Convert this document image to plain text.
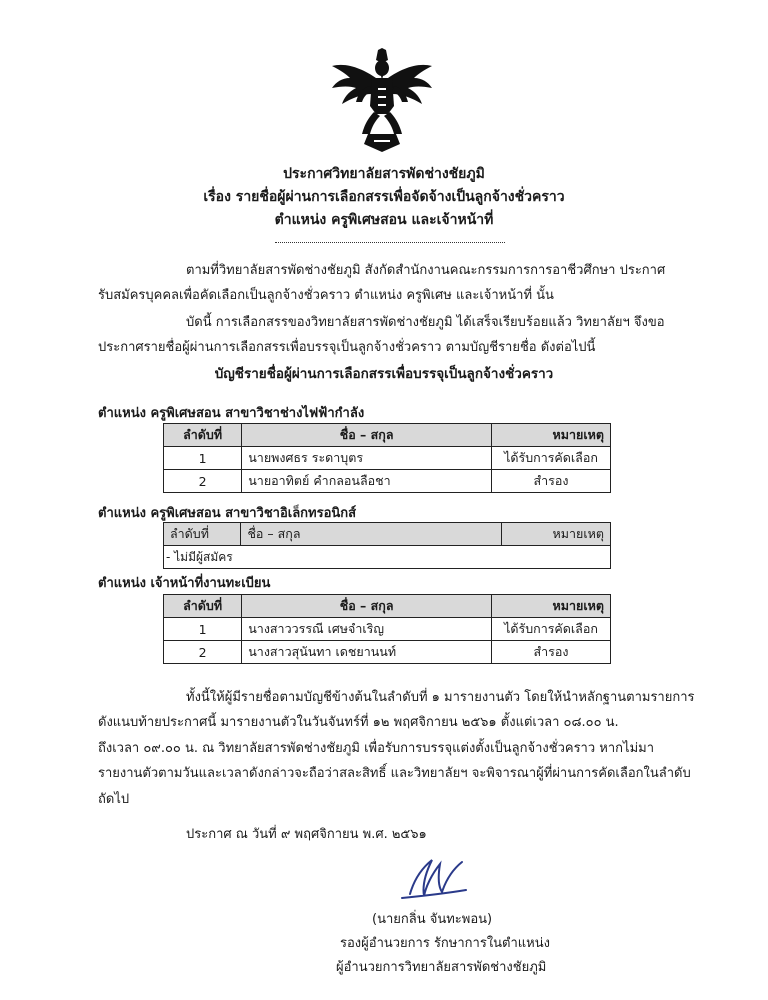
ประกาศวิทยาลัยสารพัดช่างชัยภูมิ
เรื่อง รายชื่อผู้ผ่านการเลือกสรรเพื่อจัดจ้างเป็นลูกจ้างชั่วคราว
ตำแหน่ง ครูพิเศษสอน และเจ้าหน้าที่
ตามที่วิทยาลัยสารพัดช่างชัยภูมิ สังกัดสำนักงานคณะกรรมการการอาชีวศึกษา ประกาศ
รับสมัครบุคคลเพื่อคัดเลือกเป็นลูกจ้างชั่วคราว ตำแหน่ง ครูพิเศษ และเจ้าหน้าที่ นั้น
บัดนี้ การเลือกสรรของวิทยาลัยสารพัดช่างชัยภูมิ ได้เสร็จเรียบร้อยแล้ว วิทยาลัยฯ จึงขอ
ประกาศรายชื่อผู้ผ่านการเลือกสรรเพื่อบรรจุเป็นลูกจ้างชั่วคราว ตามบัญชีรายชื่อ ดังต่อไปนี้
บัญชีรายชื่อผู้ผ่านการเลือกสรรเพื่อบรรจุเป็นลูกจ้างชั่วคราว
ตำแหน่ง ครูพิเศษสอน สาขาวิชาช่างไฟฟ้ากำลัง
ลำดับที่	ชื่อ – สกุล	หมายเหตุ
1	นายพงศธร ระดาบุตร	ได้รับการคัดเลือก
2	นายอาทิตย์ คำกลอนลือชา	สำรอง
ตำแหน่ง ครูพิเศษสอน สาขาวิชาอิเล็กทรอนิกส์
ลำดับที่	ชื่อ – สกุล	หมายเหตุ
- ไม่มีผู้สมัคร
ตำแหน่ง เจ้าหน้าที่งานทะเบียน
ลำดับที่	ชื่อ – สกุล	หมายเหตุ
1	นางสาววรรณี เศษจำเริญ	ได้รับการคัดเลือก
2	นางสาวสุนันทา เดชยานนท์	สำรอง
ทั้งนี้ให้ผู้มีรายชื่อตามบัญชีข้างต้นในลำดับที่ ๑ มารายงานตัว โดยให้นำหลักฐานตามรายการ
ดังแนบท้ายประกาศนี้ มารายงานตัวในวันจันทร์ที่ ๑๒ พฤศจิกายน ๒๕๖๑ ตั้งแต่เวลา ๐๘.๐๐ น.
ถึงเวลา ๐๙.๐๐ น. ณ วิทยาลัยสารพัดช่างชัยภูมิ เพื่อรับการบรรจุแต่งตั้งเป็นลูกจ้างชั่วคราว หากไม่มา
รายงานตัวตามวันและเวลาดังกล่าวจะถือว่าสละสิทธิ์ และวิทยาลัยฯ จะพิจารณาผู้ที่ผ่านการคัดเลือกในลำดับ
ถัดไป
ประกาศ ณ วันที่ ๙ พฤศจิกายน พ.ศ. ๒๕๖๑
(นายกลิ่น จันทะพอน)
รองผู้อำนวยการ รักษาการในตำแหน่ง
ผู้อำนวยการวิทยาลัยสารพัดช่างชัยภูมิ
